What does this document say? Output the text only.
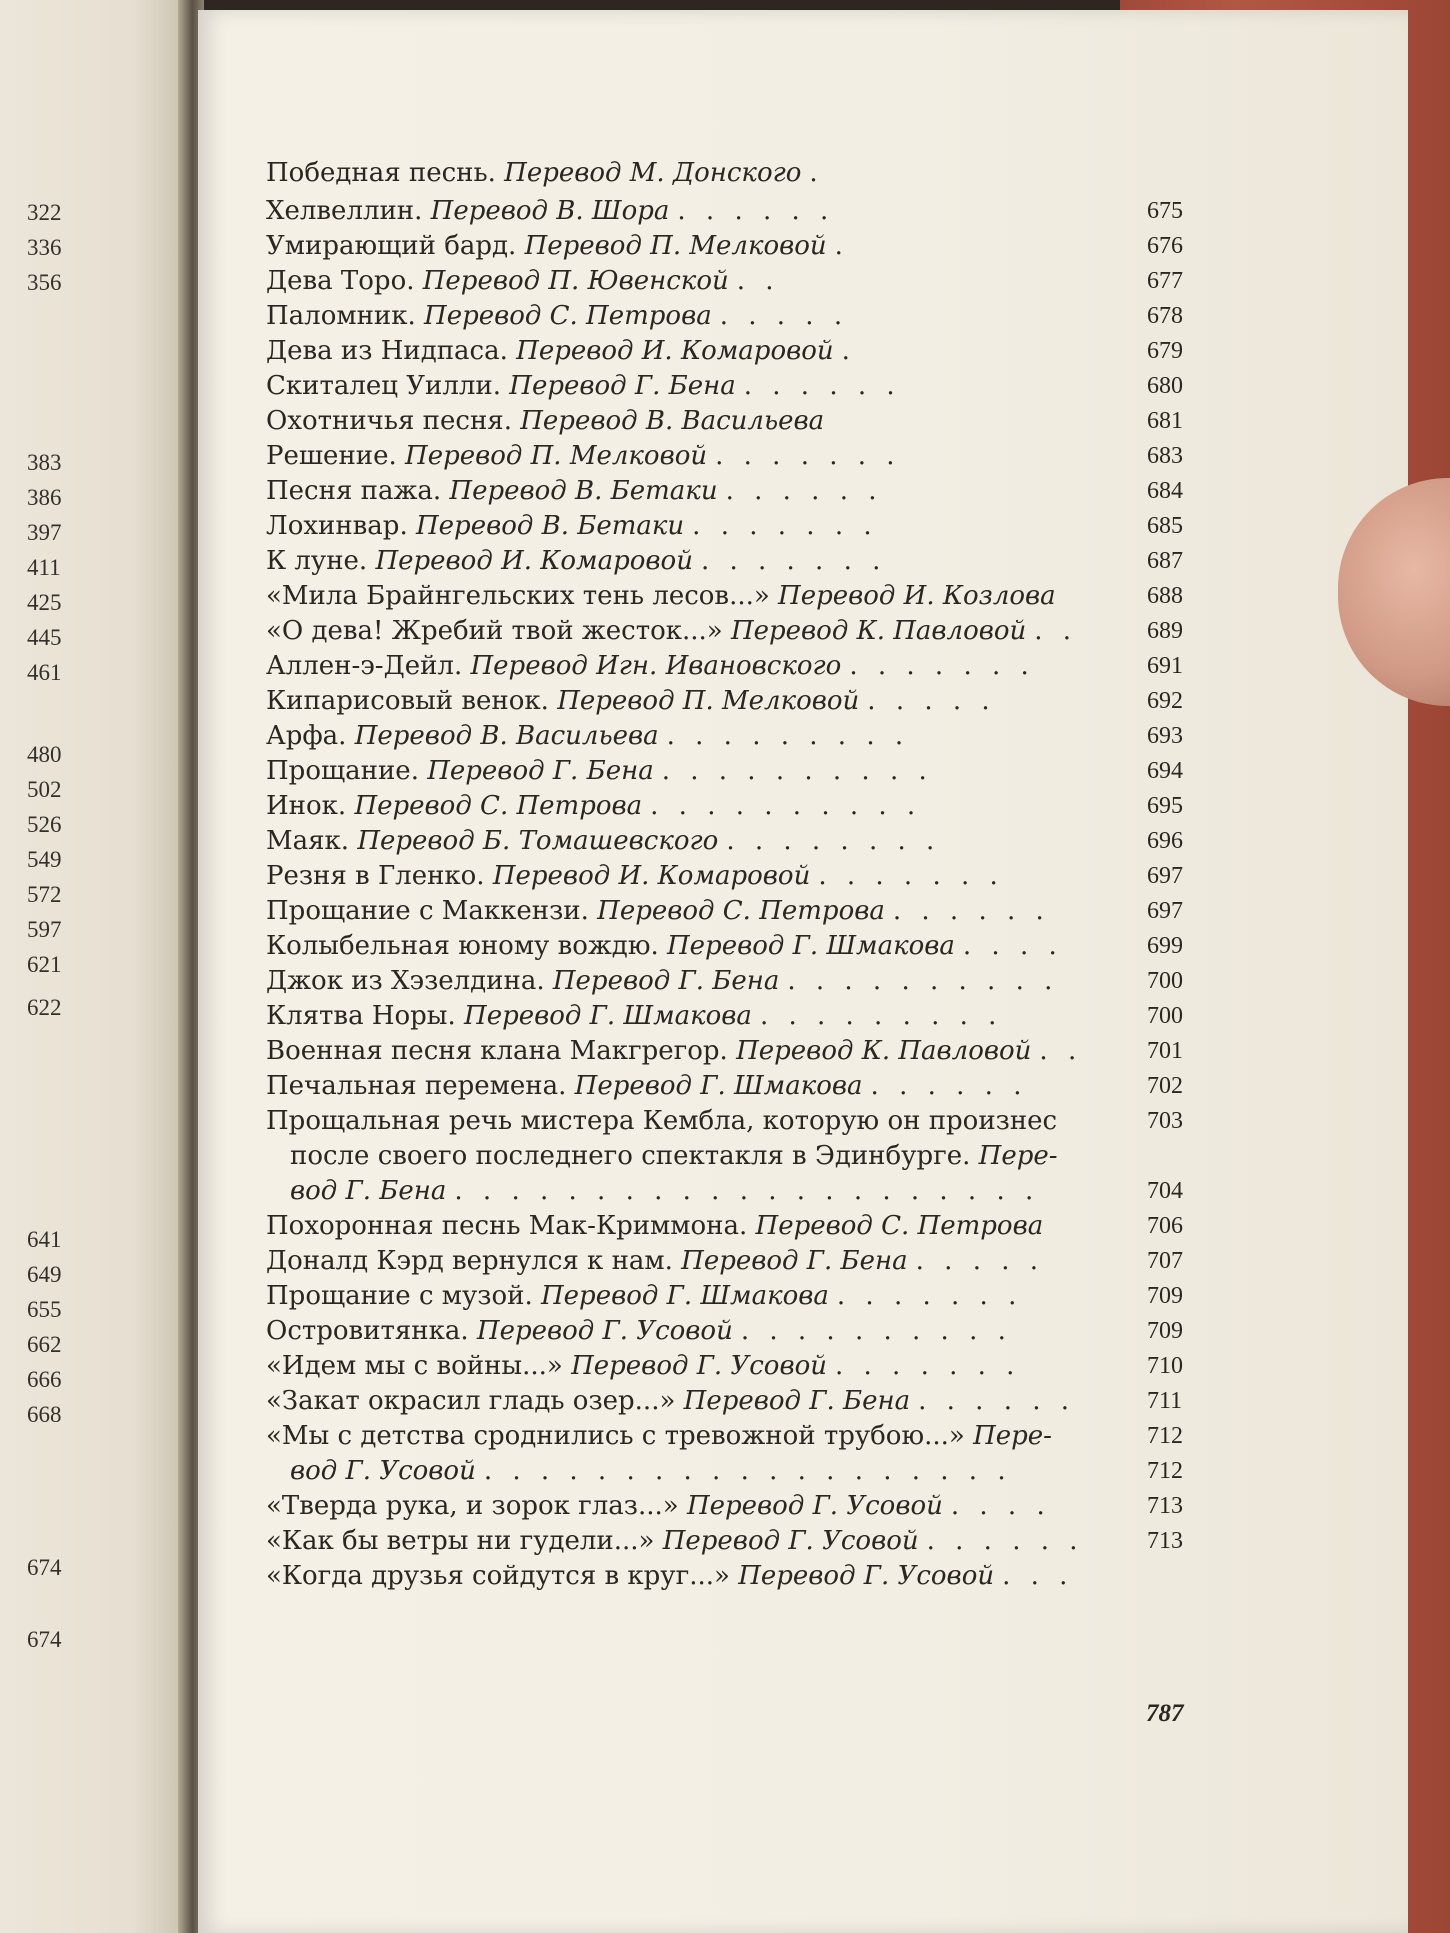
322
336
356
383
386
397
411
425
445
461
480
502
526
549
572
597
621
622
641
649
655
662
666
668
674
674
Победная песнь. Перевод М. Донского .
Хелвеллин. Перевод В. Шора . . . . . .	675
Умирающий бард. Перевод П. Мелковой .	676
Дева Торо. Перевод П. Ювенской . .	677
Паломник. Перевод С. Петрова . . . . .	678
Дева из Нидпаса. Перевод И. Комаровой .	679
Скиталец Уилли. Перевод Г. Бена . . . . . .	680
Охотничья песня. Перевод В. Васильева	681
Решение. Перевод П. Мелковой . . . . . . .	683
Песня пажа. Перевод В. Бетаки . . . . . .	684
Лохинвар. Перевод В. Бетаки . . . . . . .	685
К луне. Перевод И. Комаровой . . . . . . .	687
«Мила Брайнгельских тень лесов...» Перевод И. Козлова	688
«О дева! Жребий твой жесток...» Перевод К. Павловой . .	689
Аллен-э-Дейл. Перевод Игн. Ивановского . . . . . . .	691
Кипарисовый венок. Перевод П. Мелковой . . . . .	692
Арфа. Перевод В. Васильева . . . . . . . . .	693
Прощание. Перевод Г. Бена . . . . . . . . . .	694
Инок. Перевод С. Петрова . . . . . . . . . .	695
Маяк. Перевод Б. Томашевского . . . . . . . .	696
Резня в Гленко. Перевод И. Комаровой . . . . . . .	697
Прощание с Маккензи. Перевод С. Петрова . . . . . .	697
Колыбельная юному вождю. Перевод Г. Шмакова . . . .	699
Джок из Хэзелдина. Перевод Г. Бена . . . . . . . . . .	700
Клятва Норы. Перевод Г. Шмакова . . . . . . . . .	700
Военная песня клана Макгрегор. Перевод К. Павловой . .	701
Печальная перемена. Перевод Г. Шмакова . . . . . .	702
Прощальная речь мистера Кембла, которую он произнес	703
после своего последнего спектакля в Эдинбурге. Пере-
вод Г. Бена . . . . . . . . . . . . . . . . . . . . .	704
Похоронная песнь Мак-Криммона. Перевод С. Петрова	706
Доналд Кэрд вернулся к нам. Перевод Г. Бена . . . . .	707
Прощание с музой. Перевод Г. Шмакова . . . . . . .	709
Островитянка. Перевод Г. Усовой . . . . . . . . . .	709
«Идем мы с войны...» Перевод Г. Усовой . . . . . . .	710
«Закат окрасил гладь озер...» Перевод Г. Бена . . . . . .	711
«Мы с детства сроднились с тревожной трубою...» Пере-	712
вод Г. Усовой . . . . . . . . . . . . . . . . . . .	712
«Тверда рука, и зорок глаз...» Перевод Г. Усовой . . . .	713
«Как бы ветры ни гудели...» Перевод Г. Усовой . . . . . .	713
«Когда друзья сойдутся в круг...» Перевод Г. Усовой . . .
787
